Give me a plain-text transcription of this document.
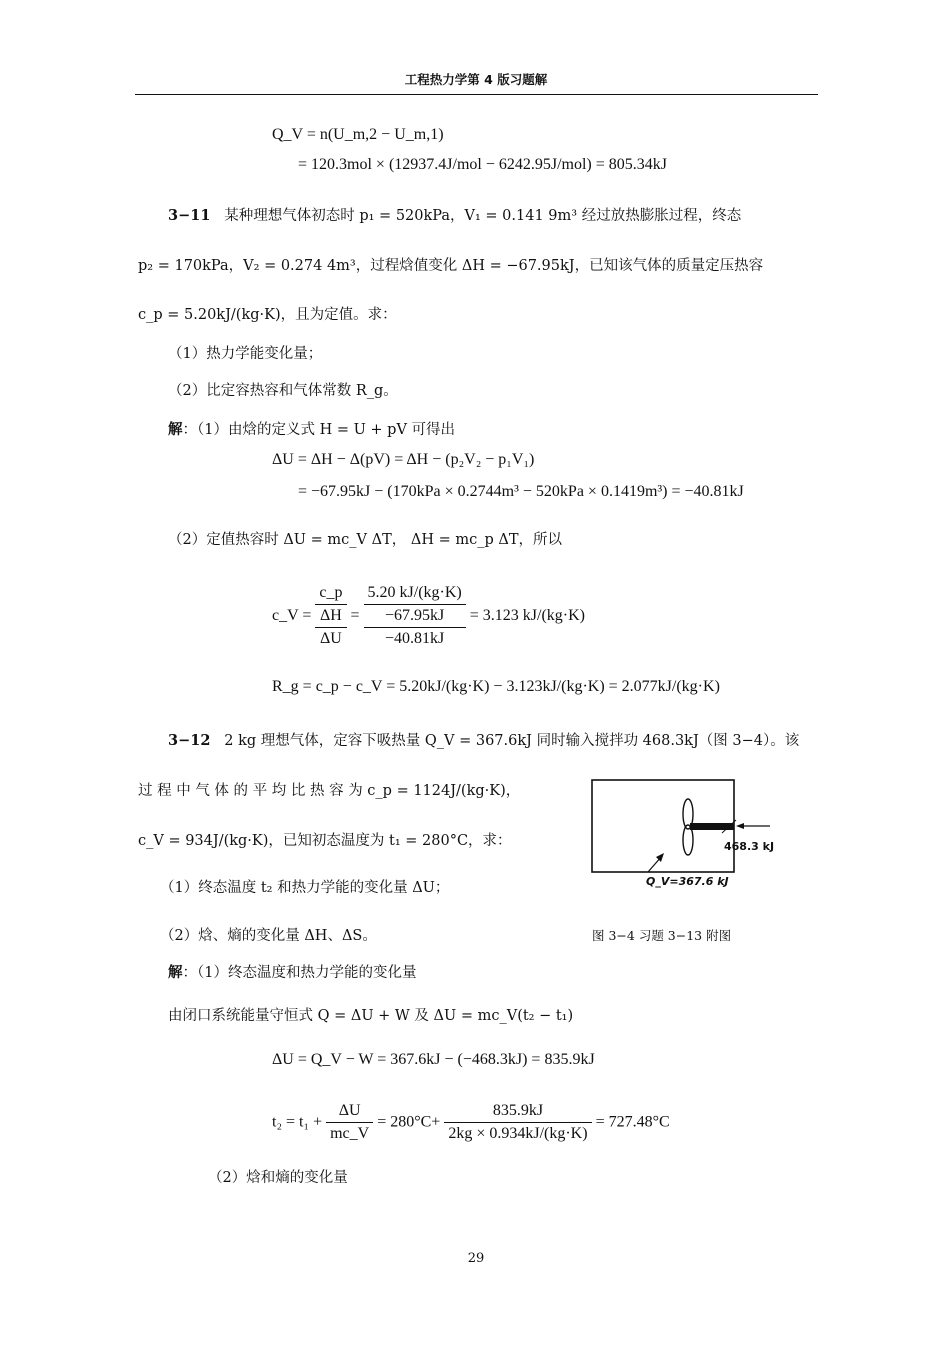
工程热力学第 4 版习题解
Q_V = n(U_m,2 − U_m,1)
= 120.3mol × (12937.4J/mol − 6242.95J/mol) = 805.34kJ
3−11 某种理想气体初态时 p₁ = 520kPa，V₁ = 0.141 9m³ 经过放热膨胀过程，终态
p₂ = 170kPa，V₂ = 0.274 4m³，过程焓值变化 ΔH = −67.95kJ，已知该气体的质量定压热容
c_p = 5.20kJ/(kg·K)，且为定值。求：
（1）热力学能变化量；
（2）比定容热容和气体常数 R_g。
解：（1）由焓的定义式 H = U + pV 可得出
ΔU = ΔH − Δ(pV) = ΔH − (p₂V₂ − p₁V₁)
= −67.95kJ − (170kPa × 0.2744m³ − 520kPa × 0.1419m³) = −40.81kJ
（2）定值热容时 ΔU = mc_V ΔT， ΔH = mc_p ΔT，所以
c_V =
c_p
ΔH
ΔU
=
5.20 kJ/(kg·K)
−67.95kJ
−40.81kJ
= 3.123 kJ/(kg·K)
R_g = c_p − c_V = 5.20kJ/(kg·K) − 3.123kJ/(kg·K) = 2.077kJ/(kg·K)
3−12 2 kg 理想气体，定容下吸热量 Q_V = 367.6kJ 同时输入搅拌功 468.3kJ（图 3−4）。该
过 程 中 气 体 的 平 均 比 热 容 为 c_p = 1124J/(kg·K)，
c_V = 934J/(kg·K)，已知初态温度为 t₁ = 280°C，求：
（1）终态温度 t₂ 和热力学能的变化量 ΔU；
（2）焓、熵的变化量 ΔH、ΔS。
468.3 kJ
Q_V=367.6 kJ
图 3−4 习题 3−13 附图
解：（1）终态温度和热力学能的变化量
由闭口系统能量守恒式 Q = ΔU + W 及 ΔU = mc_V(t₂ − t₁)
ΔU = Q_V − W = 367.6kJ − (−468.3kJ) = 835.9kJ
$t_2 = t_1 + \frac{\Delta U}{mc\_V} = 280^\circ C+ \frac{835.9kJ}{2kg \times 0.934kJ/(kg\cdot K)} = 727.48^\circ C$
（2）焓和熵的变化量
29
